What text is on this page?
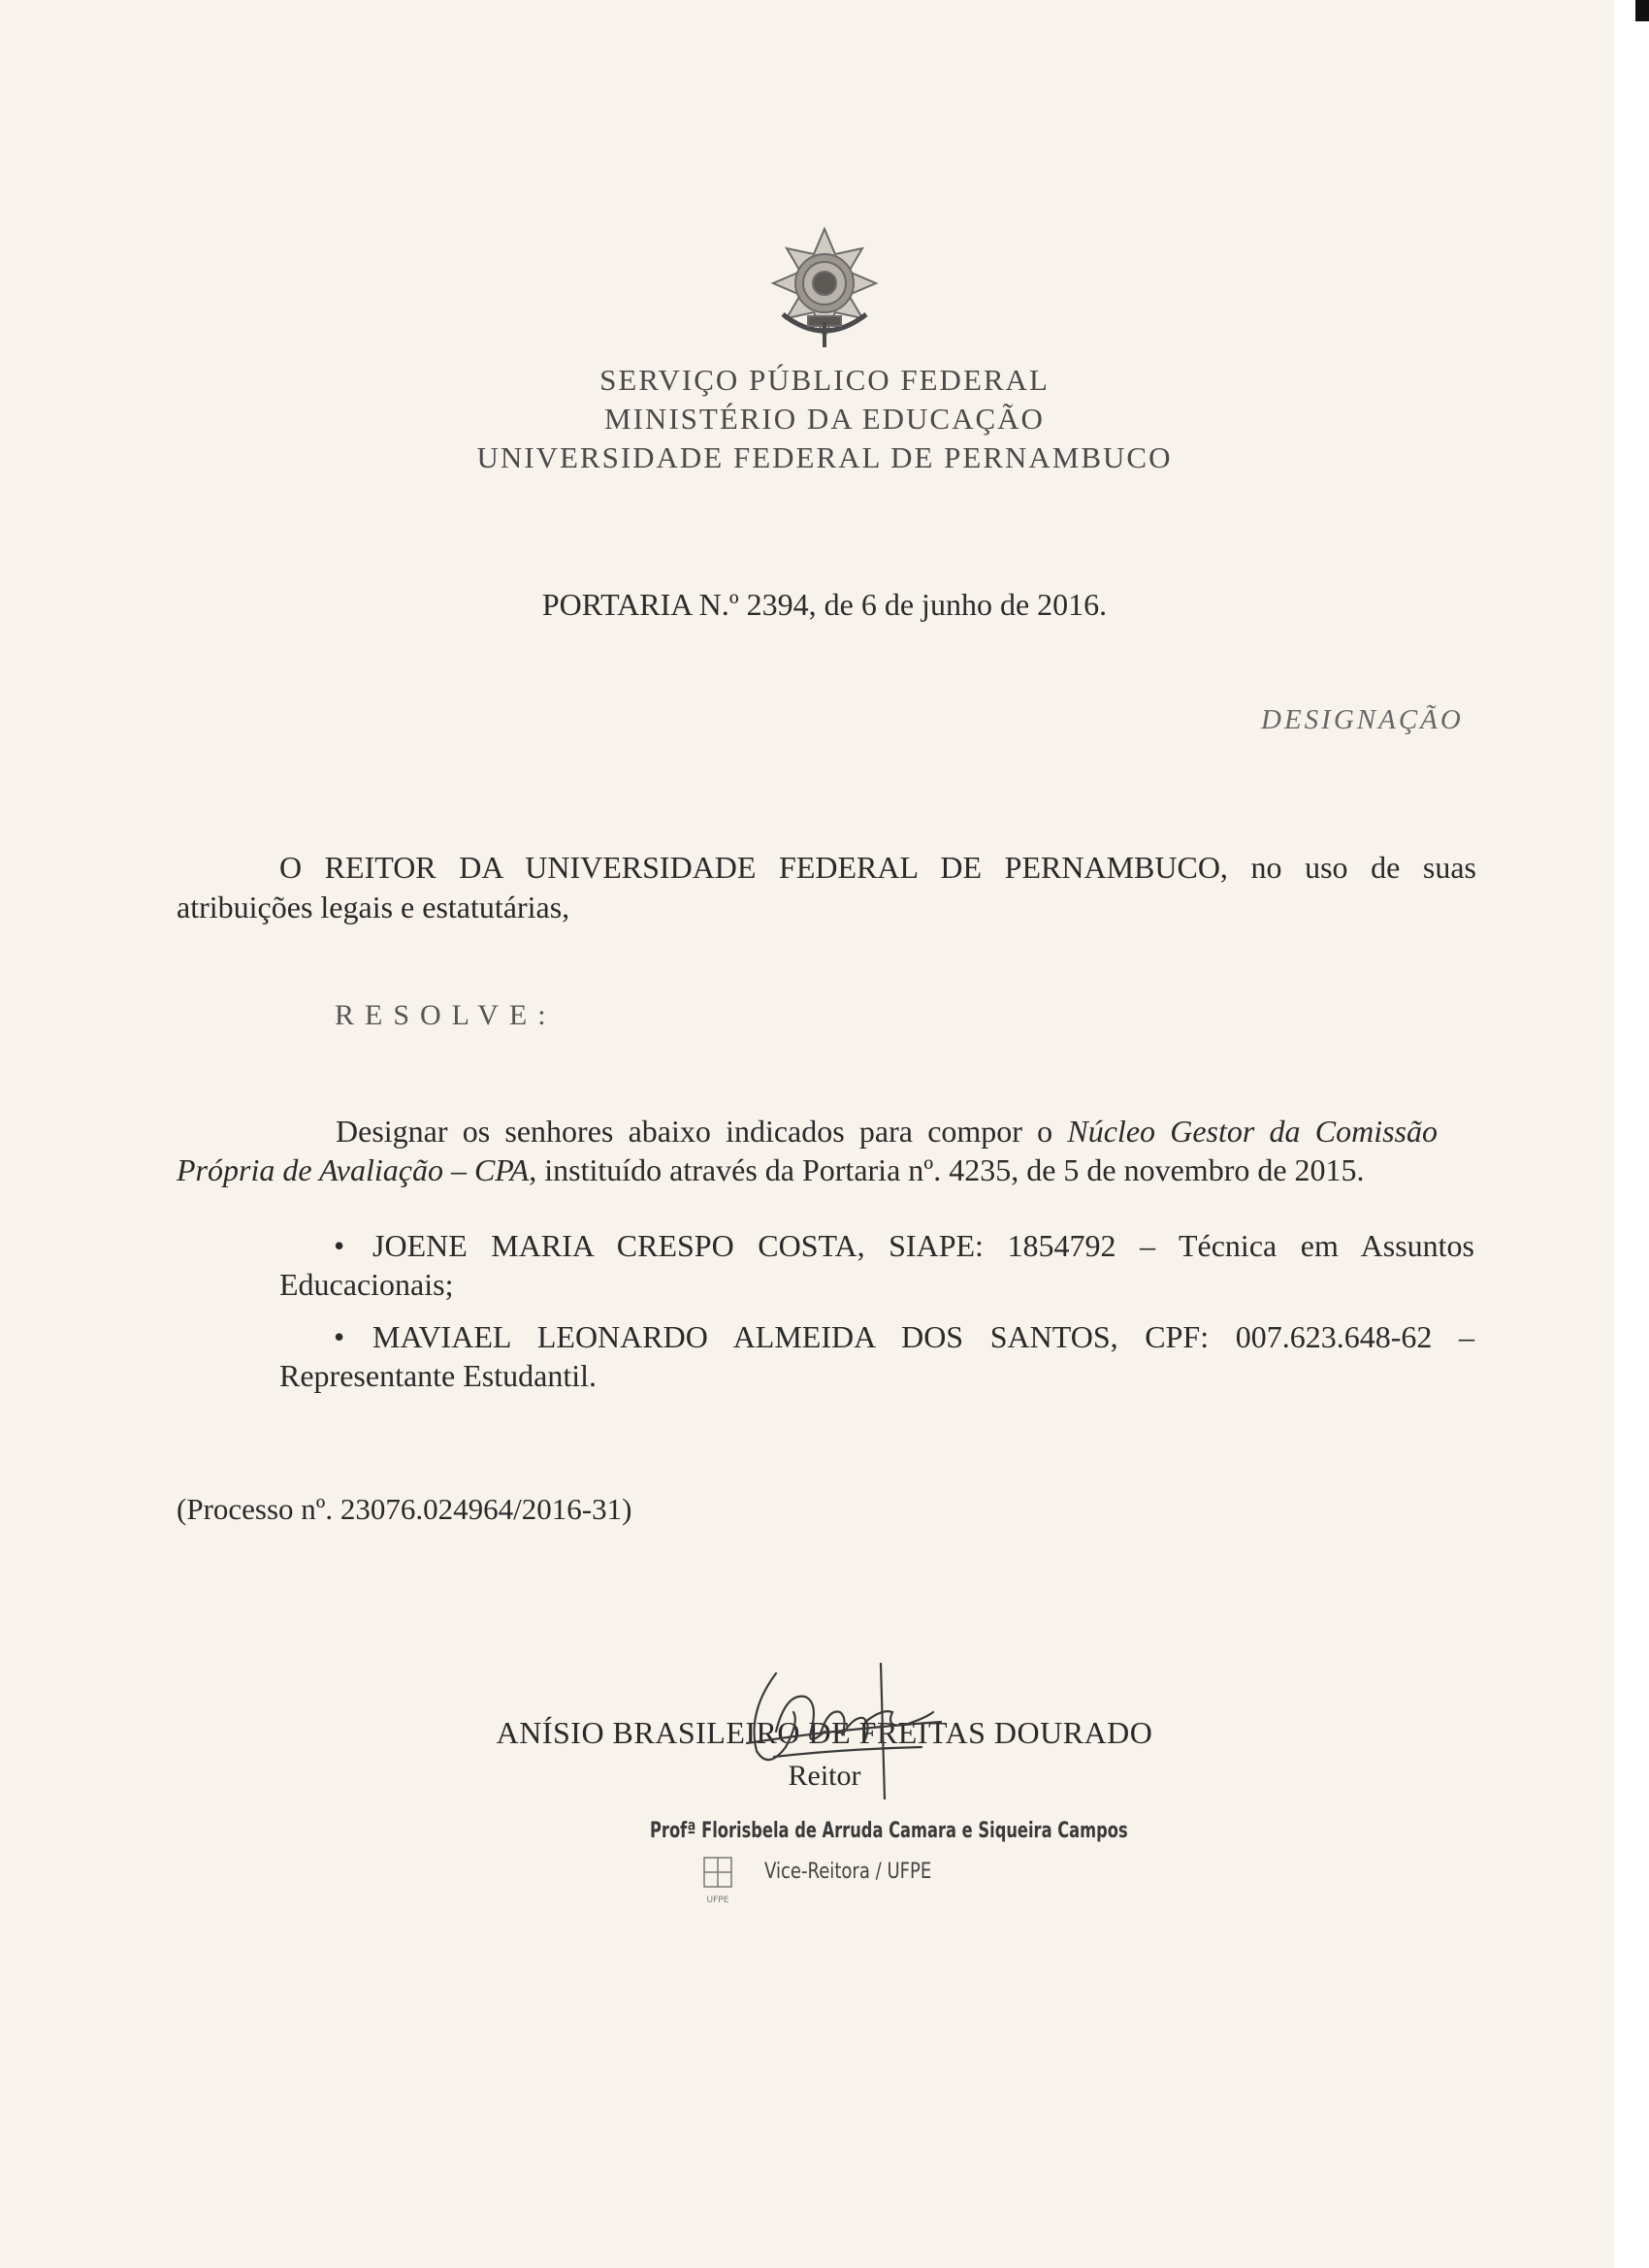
SERVIÇO PÚBLICO FEDERAL
MINISTÉRIO DA EDUCAÇÃO
UNIVERSIDADE FEDERAL DE PERNAMBUCO
PORTARIA N.º 2394, de 6 de junho de 2016.
DESIGNAÇÃO
O REITOR DA UNIVERSIDADE FEDERAL DE PERNAMBUCO, no uso de suas
atribuições legais e estatutárias,
RESOLVE:
Designar os senhores abaixo indicados para compor o Núcleo Gestor da Comissão
Própria de Avaliação – CPA, instituído através da Portaria nº. 4235, de 5 de novembro de 2015.
• JOENE MARIA CRESPO COSTA, SIAPE: 1854792 – Técnica em Assuntos
Educacionais;
• MAVIAEL LEONARDO ALMEIDA DOS SANTOS, CPF: 007.623.648-62 –
Representante Estudantil.
(Processo nº. 23076.024964/2016-31)
ANÍSIO BRASILEIRO DE FREITAS DOURADO
Reitor
Profª Florisbela de Arruda Camara e Siqueira Campos
UFPE
Vice-Reitora / UFPE
